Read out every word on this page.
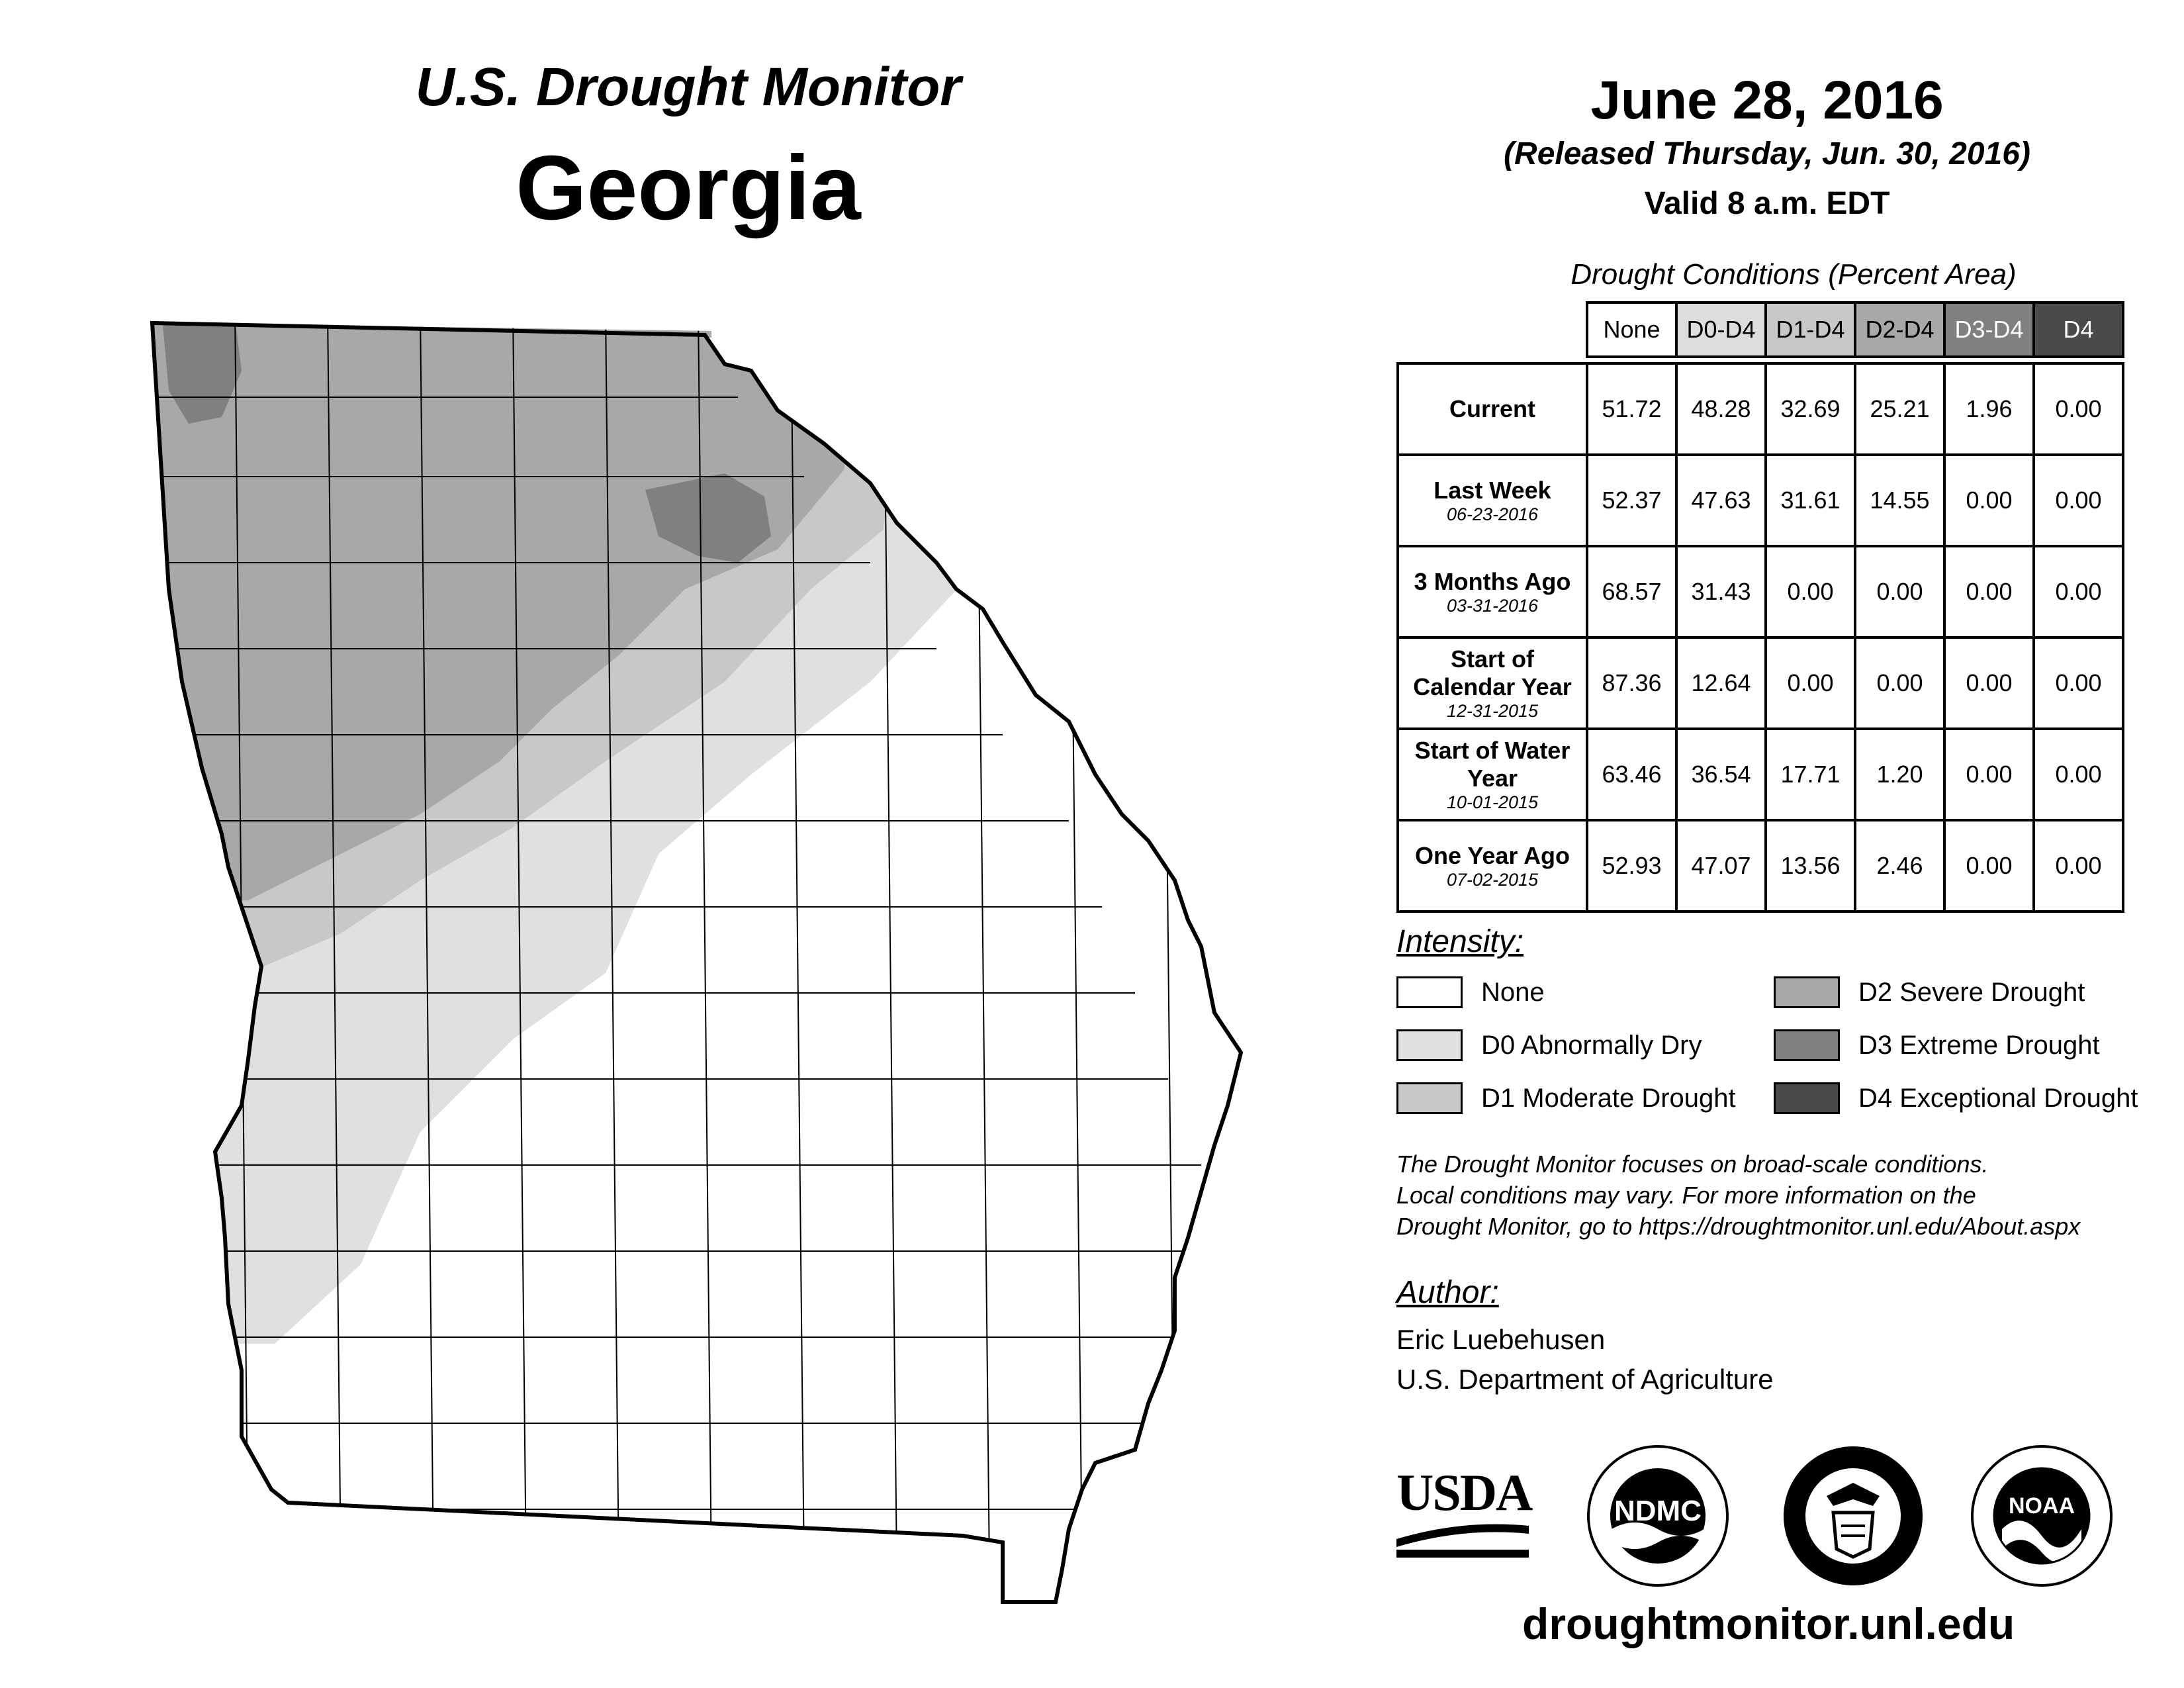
U.S. Drought Monitor
Georgia
June 28, 2016
(Released Thursday, Jun. 30, 2016)
Valid 8 a.m. EDT
Drought Conditions (Percent Area)
	None	D0-D4	D1-D4	D2-D4	D3-D4	D4

Current	51.72	48.28	32.69	25.21	1.96	0.00

Last Week
06-23-2016	52.37	47.63	31.61	14.55	0.00	0.00

3 Months Ago
03-31-2016	68.57	31.43	0.00	0.00	0.00	0.00

Start of Calendar Year
12-31-2015	87.36	12.64	0.00	0.00	0.00	0.00

Start of Water Year
10-01-2015	63.46	36.54	17.71	1.20	0.00	0.00

One Year Ago
07-02-2015	52.93	47.07	13.56	2.46	0.00	0.00
Intensity:
None
D0 Abnormally Dry
D1 Moderate Drought
D2 Severe Drought
D3 Extreme Drought
D4 Exceptional Drought
The Drought Monitor focuses on broad-scale conditions.
Local conditions may vary. For more information on the
Drought Monitor, go to https://droughtmonitor.unl.edu/About.aspx
Author:
Eric Luebehusen
U.S. Department of Agriculture
USDA	NDMC	NOAA
droughtmonitor.unl.edu
